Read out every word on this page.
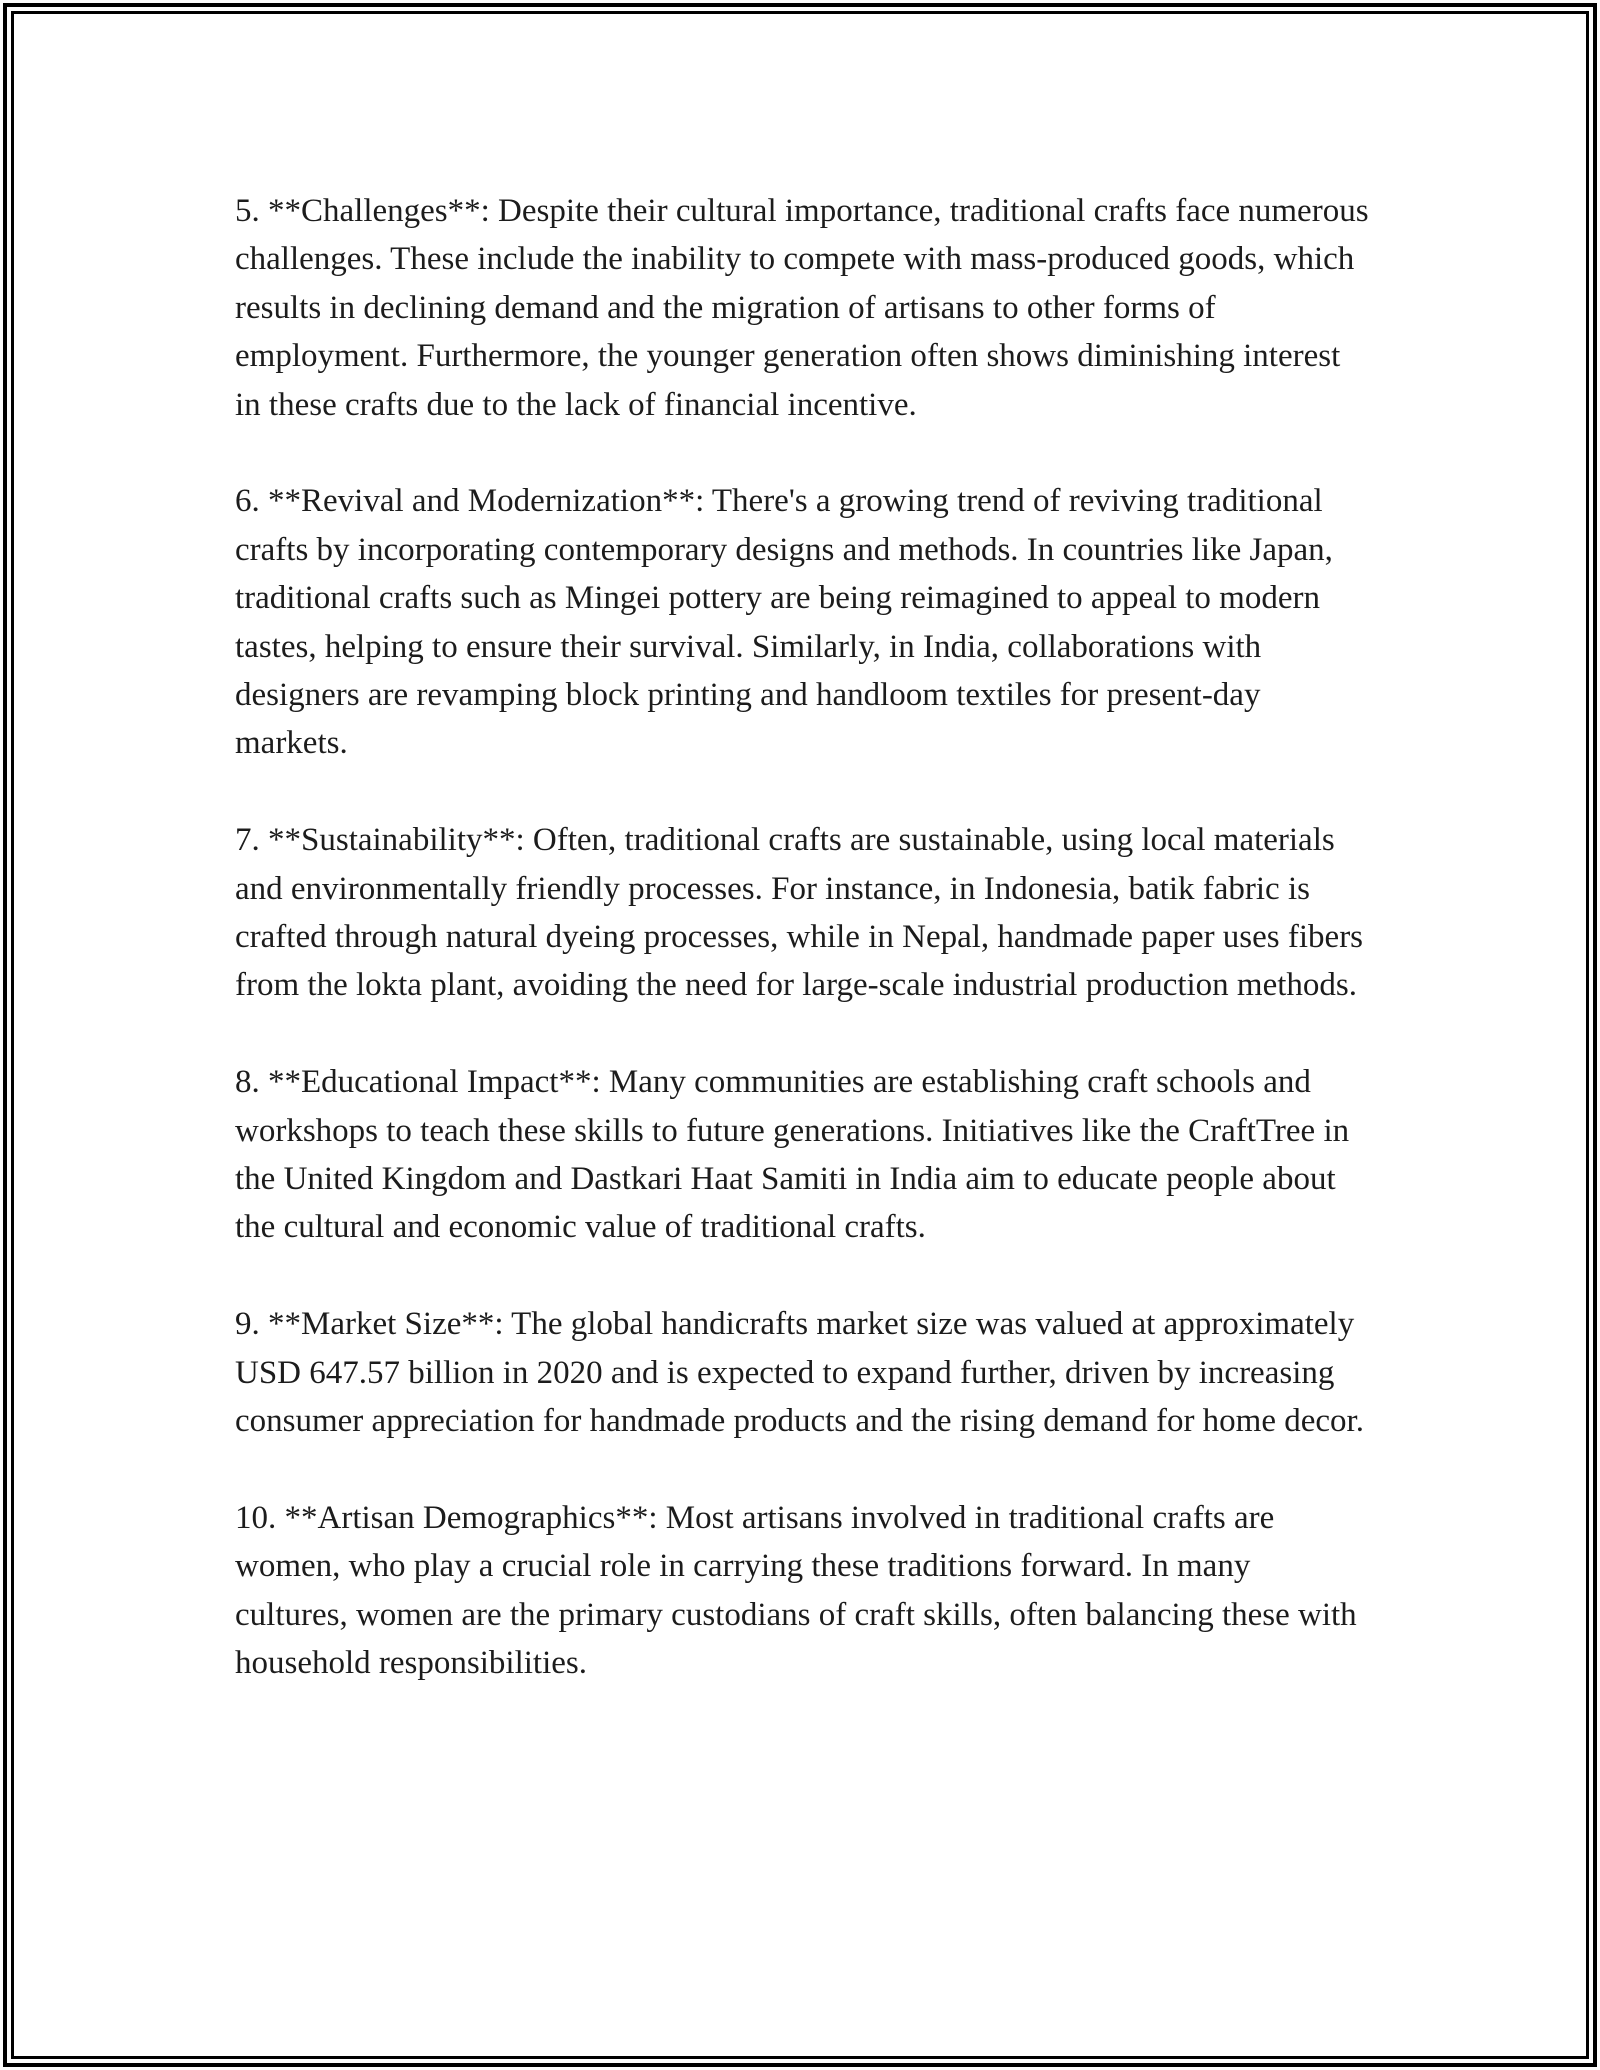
5. **Challenges**: Despite their cultural importance, traditional crafts face numerous challenges. These include the inability to compete with mass-produced goods, which results in declining demand and the migration of artisans to other forms of employment. Furthermore, the younger generation often shows diminishing interest in these crafts due to the lack of financial incentive.

6. **Revival and Modernization**: There's a growing trend of reviving traditional crafts by incorporating contemporary designs and methods. In countries like Japan, traditional crafts such as Mingei pottery are being reimagined to appeal to modern tastes, helping to ensure their survival. Similarly, in India, collaborations with designers are revamping block printing and handloom textiles for present-day markets.

7. **Sustainability**: Often, traditional crafts are sustainable, using local materials and environmentally friendly processes. For instance, in Indonesia, batik fabric is crafted through natural dyeing processes, while in Nepal, handmade paper uses fibers from the lokta plant, avoiding the need for large-scale industrial production methods.

8. **Educational Impact**: Many communities are establishing craft schools and workshops to teach these skills to future generations. Initiatives like the CraftTree in the United Kingdom and Dastkari Haat Samiti in India aim to educate people about the cultural and economic value of traditional crafts.

9. **Market Size**: The global handicrafts market size was valued at approximately USD 647.57 billion in 2020 and is expected to expand further, driven by increasing consumer appreciation for handmade products and the rising demand for home decor.

10. **Artisan Demographics**: Most artisans involved in traditional crafts are women, who play a crucial role in carrying these traditions forward. In many cultures, women are the primary custodians of craft skills, often balancing these with household responsibilities.
